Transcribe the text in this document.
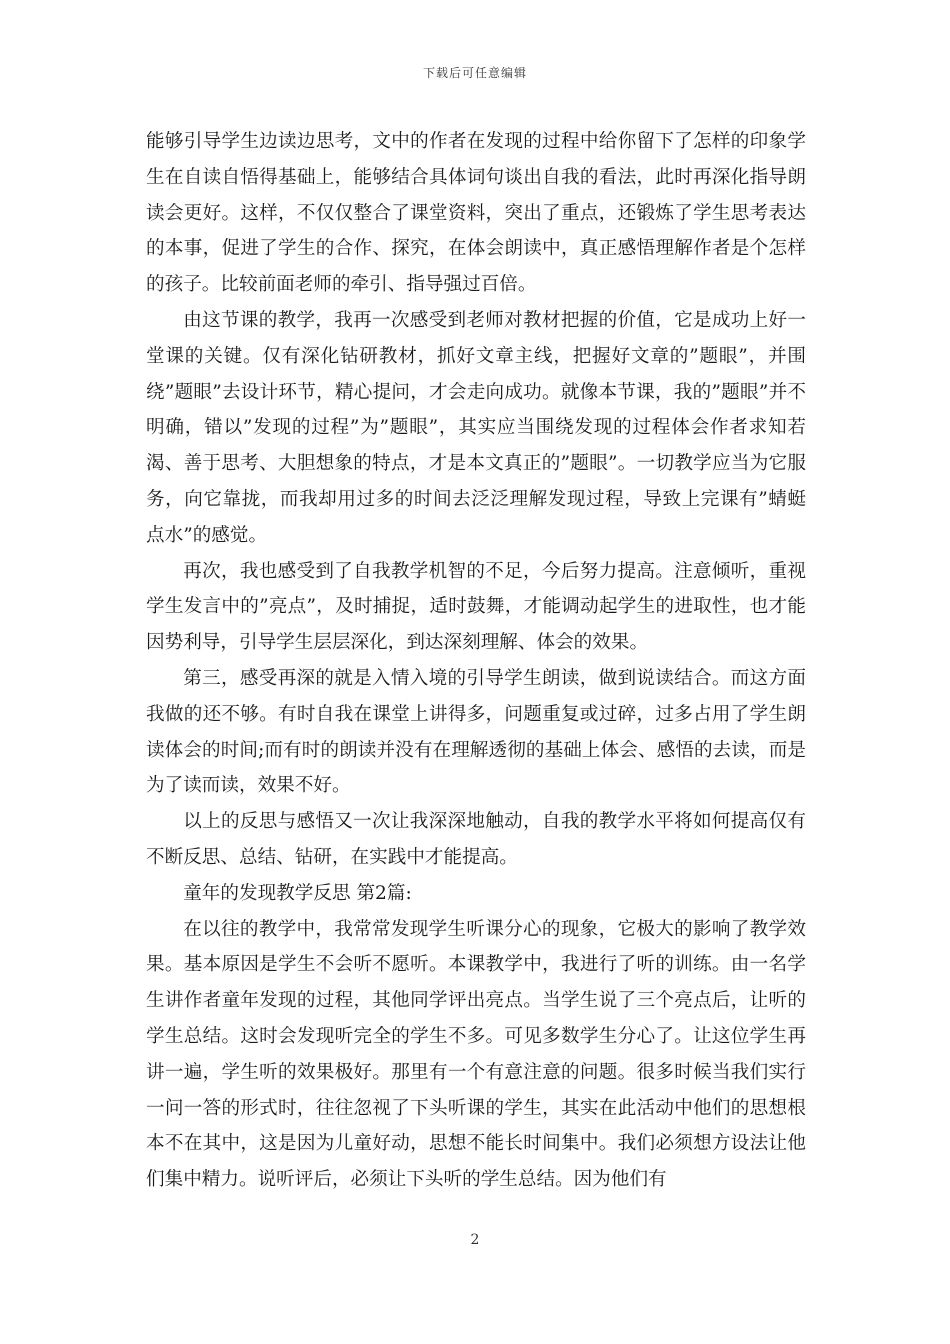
下载后可任意编辑

能够引导学生边读边思考，文中的作者在发现的过程中给你留下了怎样的印象学生在自读自悟得基础上，能够结合具体词句谈出自我的看法，此时再深化指导朗读会更好。这样，不仅仅整合了课堂资料，突出了重点，还锻炼了学生思考表达的本事，促进了学生的合作、探究，在体会朗读中，真正感悟理解作者是个怎样的孩子。比较前面老师的牵引、指导强过百倍。

由这节课的教学，我再一次感受到老师对教材把握的价值，它是成功上好一堂课的关键。仅有深化钻研教材，抓好文章主线，把握好文章的”题眼”，并围绕”题眼”去设计环节，精心提问，才会走向成功。就像本节课，我的”题眼”并不明确，错以”发现的过程”为”题眼”，其实应当围绕发现的过程体会作者求知若渴、善于思考、大胆想象的特点，才是本文真正的”题眼”。一切教学应当为它服务，向它靠拢，而我却用过多的时间去泛泛理解发现过程，导致上完课有”蜻蜓点水”的感觉。

再次，我也感受到了自我教学机智的不足，今后努力提高。注意倾听，重视学生发言中的”亮点”，及时捕捉，适时鼓舞，才能调动起学生的进取性，也才能因势利导，引导学生层层深化，到达深刻理解、体会的效果。

第三，感受再深的就是入情入境的引导学生朗读，做到说读结合。而这方面我做的还不够。有时自我在课堂上讲得多，问题重复或过碎，过多占用了学生朗读体会的时间;而有时的朗读并没有在理解透彻的基础上体会、感悟的去读，而是为了读而读，效果不好。

以上的反思与感悟又一次让我深深地触动，自我的教学水平将如何提高仅有不断反思、总结、钻研，在实践中才能提高。

童年的发现教学反思 第2篇:

在以往的教学中，我常常发现学生听课分心的现象，它极大的影响了教学效果。基本原因是学生不会听不愿听。本课教学中，我进行了听的训练。由一名学生讲作者童年发现的过程，其他同学评出亮点。当学生说了三个亮点后，让听的学生总结。这时会发现听完全的学生不多。可见多数学生分心了。让这位学生再讲一遍，学生听的效果极好。那里有一个有意注意的问题。很多时候当我们实行一问一答的形式时，往往忽视了下头听课的学生，其实在此活动中他们的思想根本不在其中，这是因为儿童好动，思想不能长时间集中。我们必须想方设法让他们集中精力。说听评后，必须让下头听的学生总结。因为他们有

2
